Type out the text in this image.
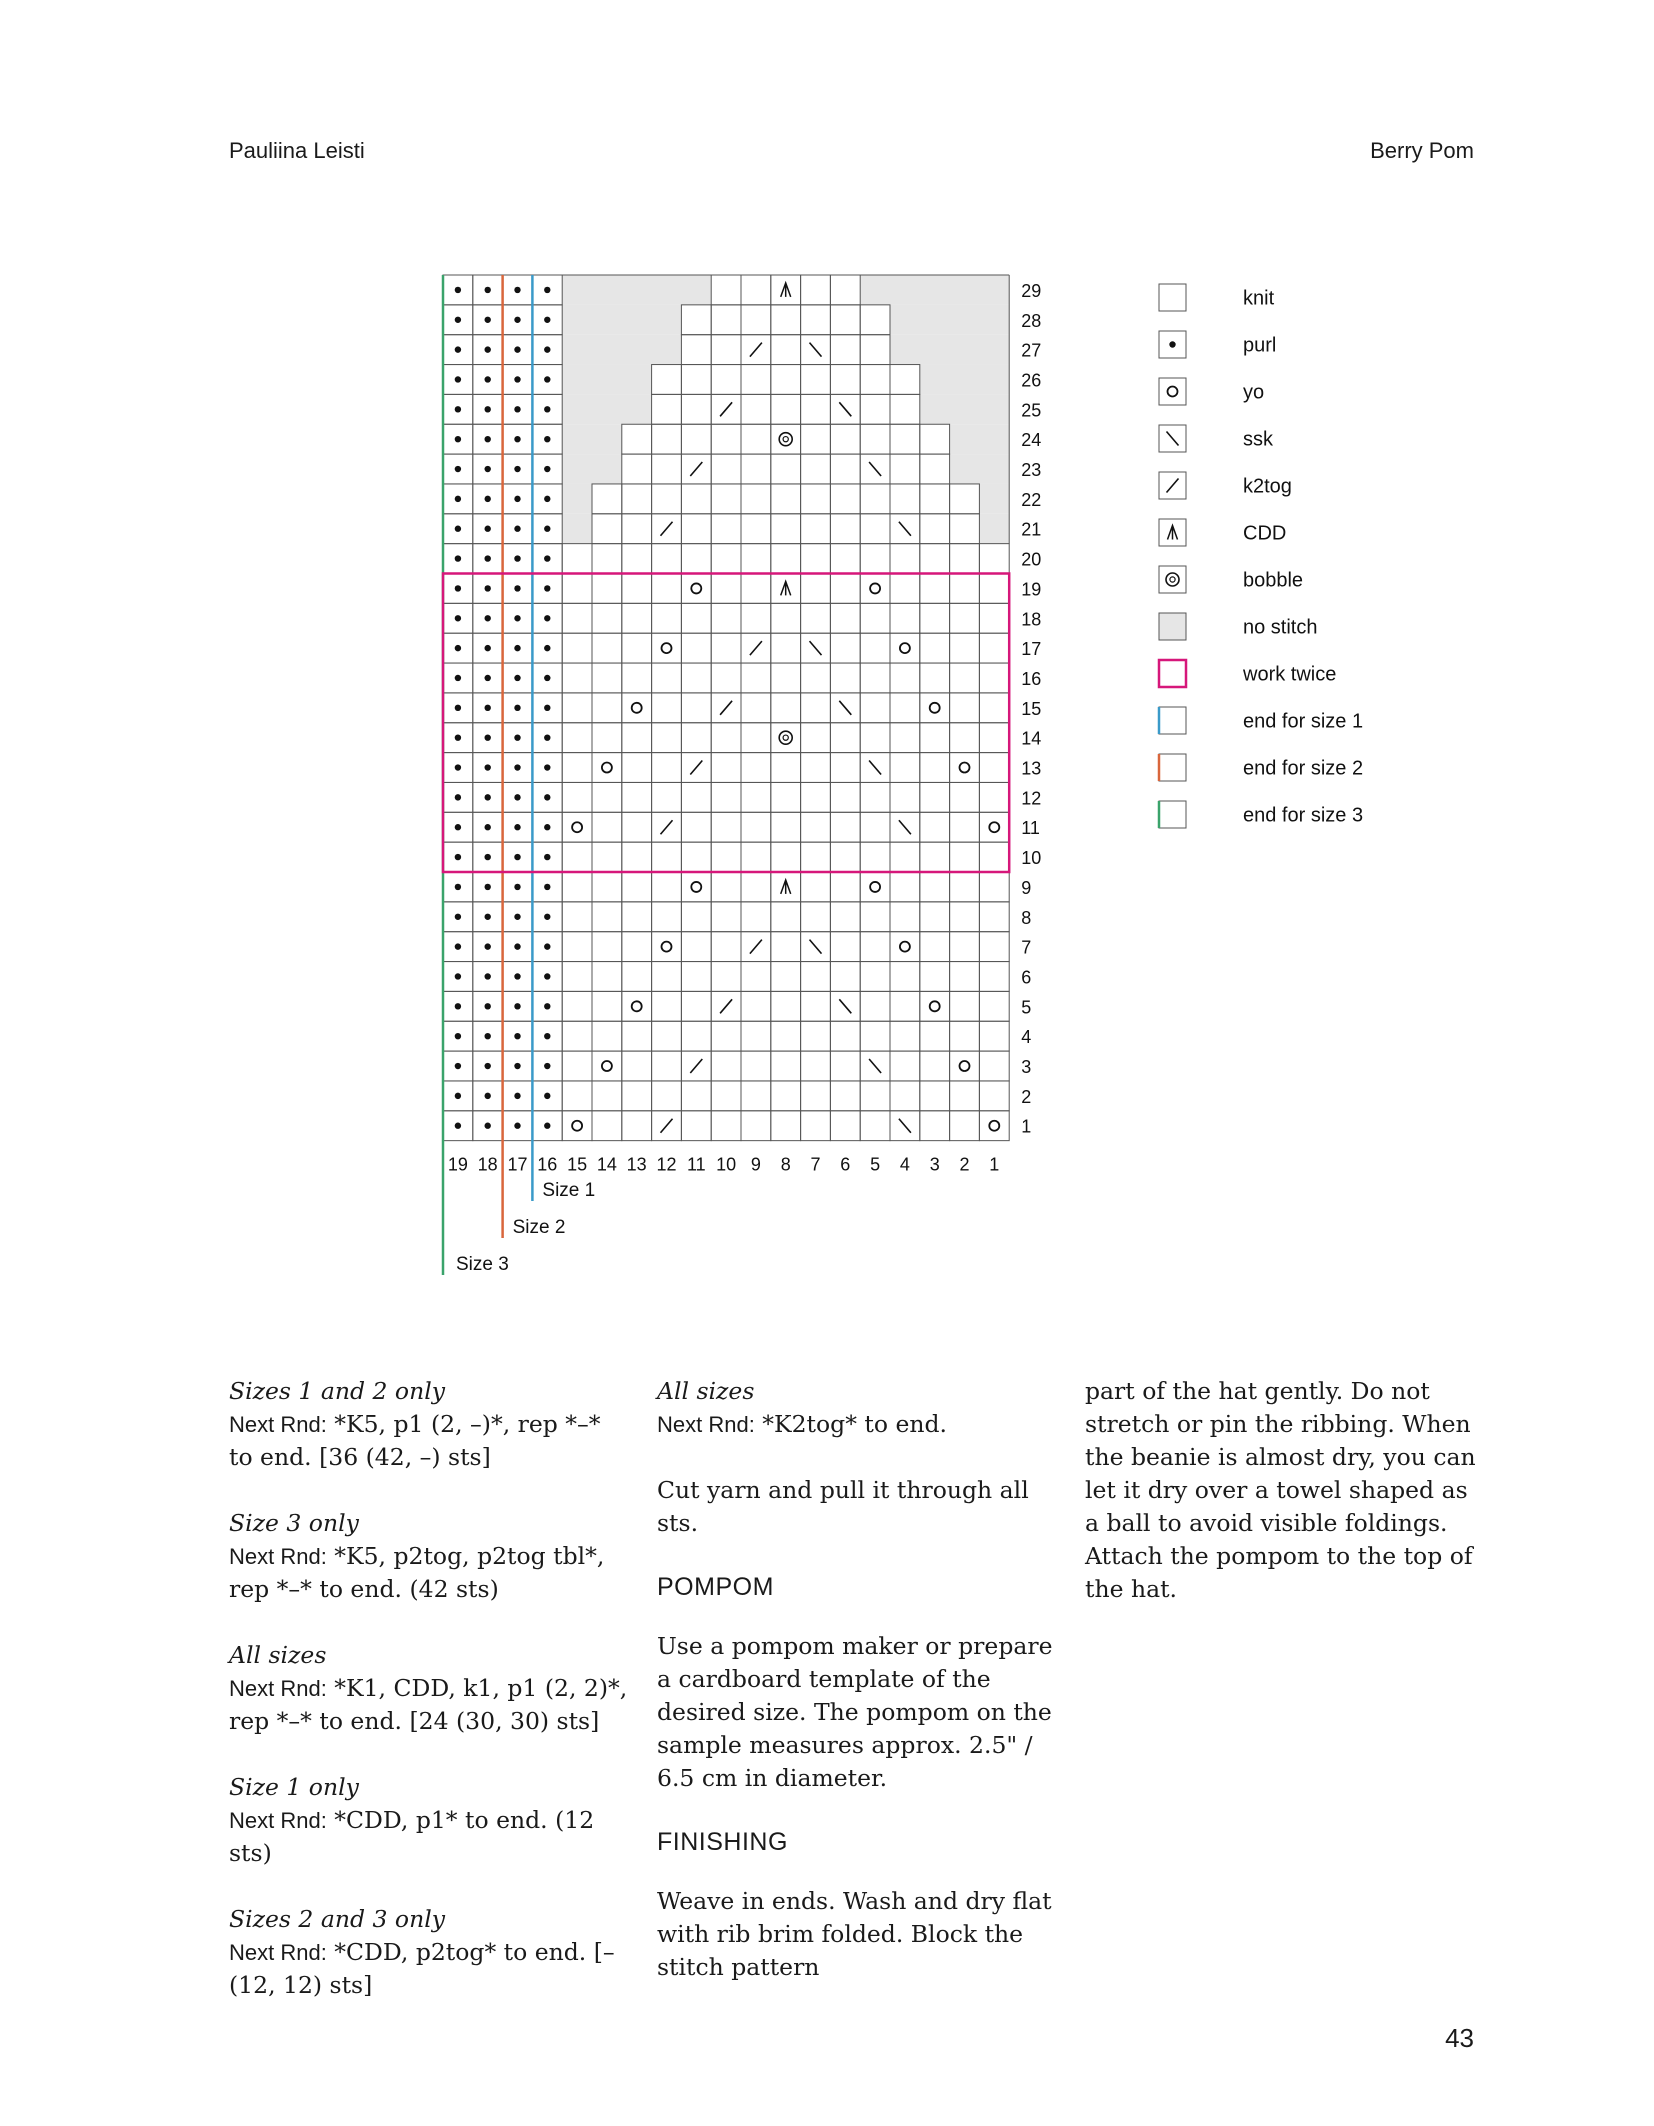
Pauliina Leisti	Berry Pom
1
2
3
4
5
6
7
8
9
10
11
12
13
14
15
16
17
18
19
20
21
22
23
24
25
26
27
28
29
19 18 17 16 15 14 13 12 11 10 9 8 7 6 5 4 3 2 1
Size 1
Size 2
Size 3
knit
purl
yo
ssk
k2tog
CDD
bobble
no stitch
work twice
end for size 1
end for size 2
end for size 3

Sizes 1 and 2 only
Next Rnd: *K5, p1 (2, –)*, rep *–* to end. [36 (42, –) sts]

Size 3 only
Next Rnd: *K5, p2tog, p2tog tbl*, rep *–* to end. (42 sts)

All sizes
Next Rnd: *K1, CDD, k1, p1 (2, 2)*, rep *–* to end. [24 (30, 30) sts]

Size 1 only
Next Rnd: *CDD, p1* to end. (12 sts)

Sizes 2 and 3 only
Next Rnd: *CDD, p2tog* to end. [– (12, 12) sts]

All sizes
Next Rnd: *K2tog* to end.

Cut yarn and pull it through all sts.

POMPOM

Use a pompom maker or prepare a cardboard template of the desired size. The pompom on the sample measures approx. 2.5" / 6.5 cm in diameter.

FINISHING

Weave in ends. Wash and dry flat with rib brim folded. Block the stitch pattern

part of the hat gently. Do not stretch or pin the ribbing. When the beanie is almost dry, you can let it dry over a towel shaped as a ball to avoid visible foldings. Attach the pompom to the top of the hat.

43
